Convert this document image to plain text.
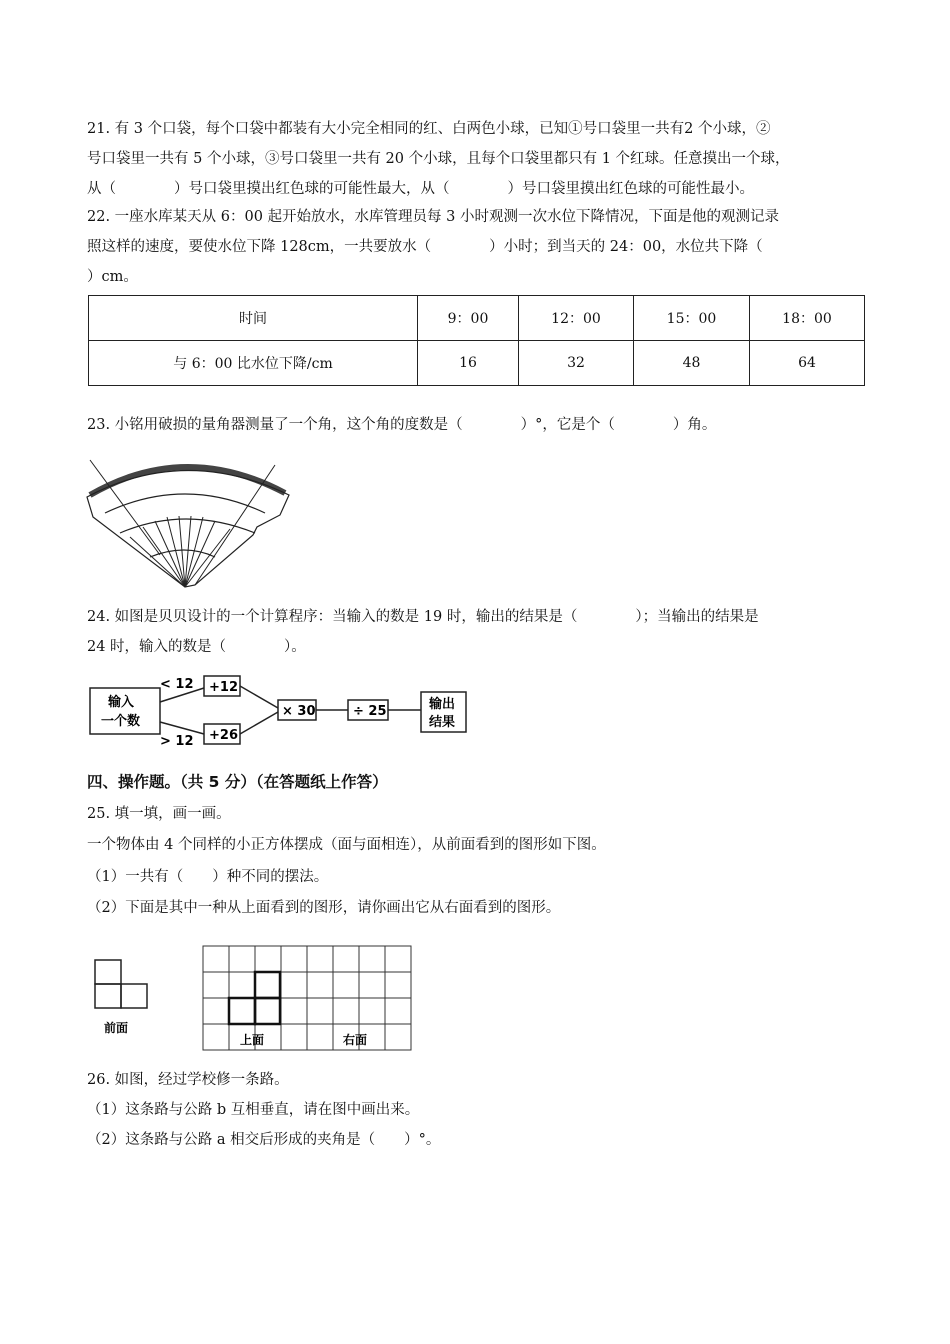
21. 有 3 个口袋，每个口袋中都装有大小完全相同的红、白两色小球，已知①号口袋里一共有2 个小球，②
号口袋里一共有 5 个小球，③号口袋里一共有 20 个小球，且每个口袋里都只有 1 个红球。任意摸出一个球，
从（　　　　）号口袋里摸出红色球的可能性最大，从（　　　　）号口袋里摸出红色球的可能性最小。
22. 一座水库某天从 6：00 起开始放水，水库管理员每 3 小时观测一次水位下降情况，下面是他的观测记录
照这样的速度，要使水位下降 128cm，一共要放水（　　　　）小时；到当天的 24：00，水位共下降（
）cm。
时间	9：00	12：00	15：00	18：00
与 6：00 比水位下降/cm	16	32	48	64
23. 小铭用破损的量角器测量了一个角，这个角的度数是（　　　　）°，它是个（　　　　）角。
24. 如图是贝贝设计的一个计算程序：当输入的数是 19 时，输出的结果是（　　　　）；当输出的结果是
24 时，输入的数是（　　　　）。
输入
一个数
< 12
> 12
+12
+26
× 30	÷ 25	输出
结果
四、操作题。（共 5 分）（在答题纸上作答）
25. 填一填，画一画。
一个物体由 4 个同样的小正方体摆成（面与面相连），从前面看到的图形如下图。
（1）一共有（　　）种不同的摆法。
（2）下面是其中一种从上面看到的图形，请你画出它从右面看到的图形。
前面
上面	右面
26. 如图，经过学校修一条路。
（1）这条路与公路 b 互相垂直，请在图中画出来。
（2）这条路与公路 a 相交后形成的夹角是（　　）°。
